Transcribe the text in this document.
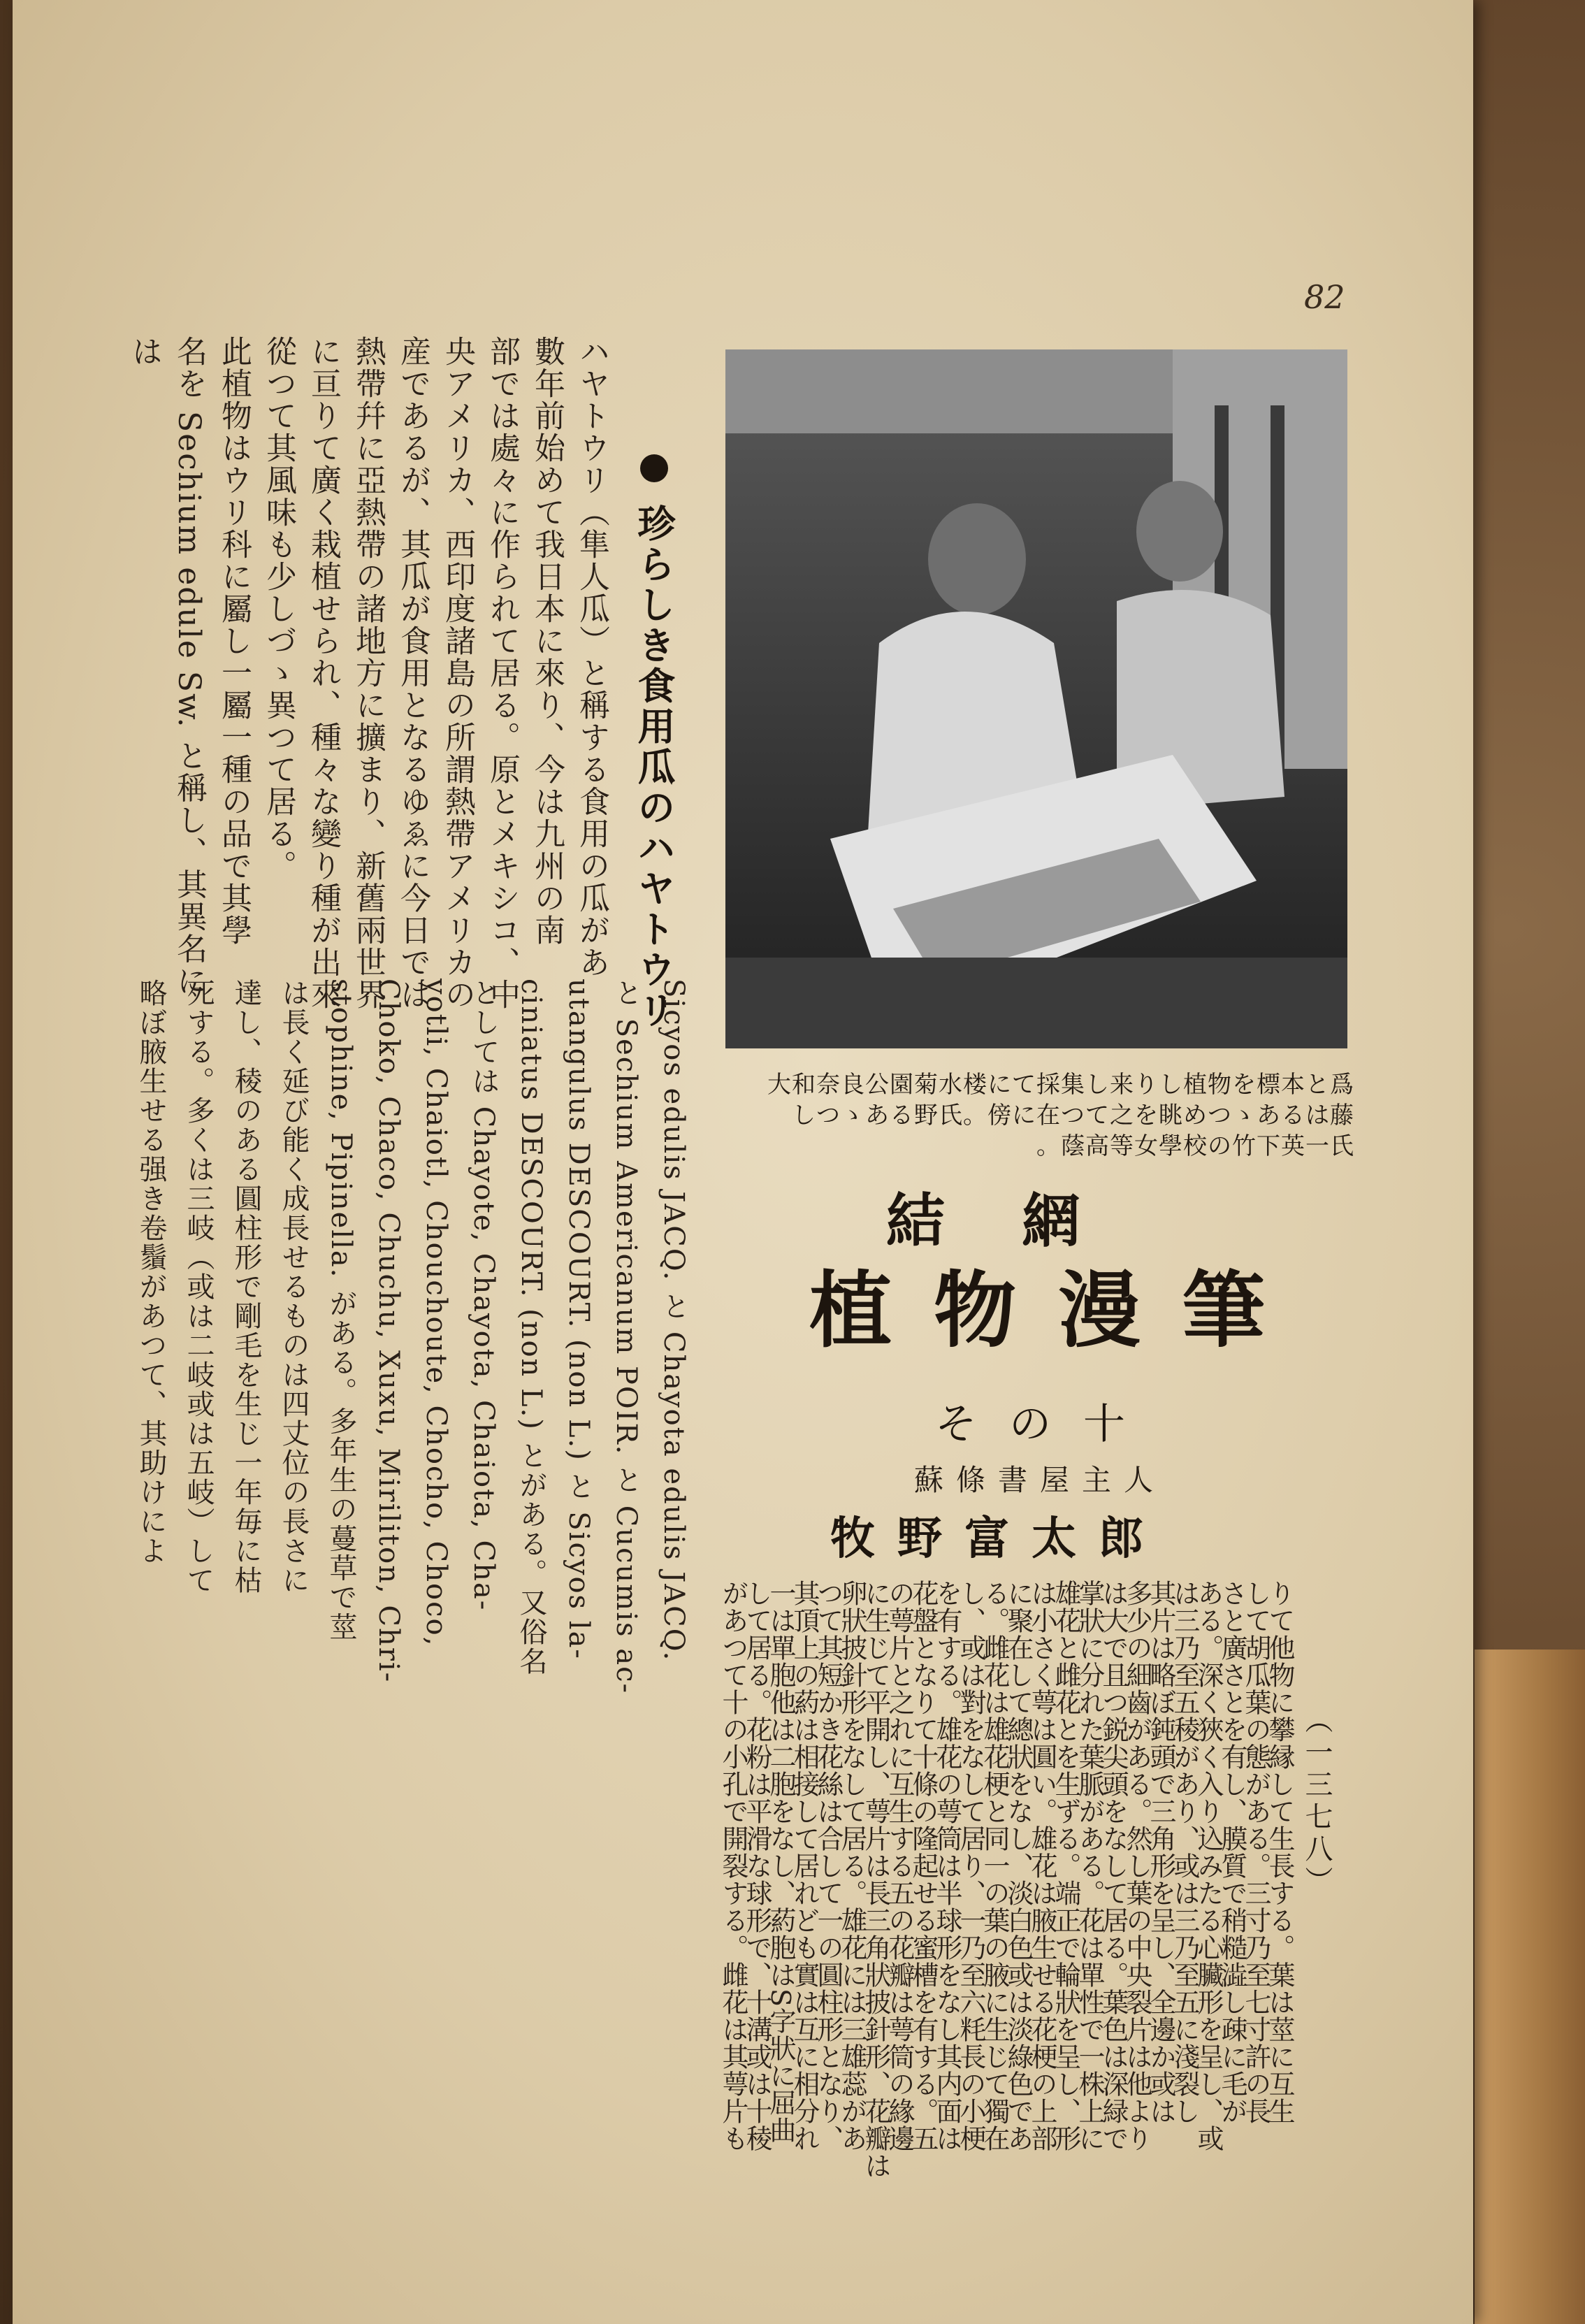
82
大和奈良公園菊水楼にて採集し来りし植物を標本と爲
しつゝある野氏。傍に在つて之を眺めつゝあるは藤
蔭高等女學校の竹下英一氏。
植物漫筆
結網
その十
蘇條書屋主人
牧野富太郎
珍らしき食用瓜のハヤトウリ
（一三七八）
ハヤトウリ（隼人瓜）と稱する食用の瓜があ
數年前始めて我日本に來り、今は九州の南
部では處々に作られて居る。原とメキシコ、中
央アメリカ、西印度諸島の所謂熱帶アメリカの
産であるが、其瓜が食用となるゆゑに今日では
熱帶幷に亞熱帶の諸地方に擴まり、新舊兩世界
に亘りて廣く栽植せられ、種々な變り種が出來
從つて其風味も少しづゝ異つて居る。
此植物はウリ科に屬し一屬一種の品で其學
名を Sechium edule Sw. と稱し、其異名には
Sicyos edulis JACQ. と Chayota edulis JACQ.
と Sechium Americanum POIR. と Cucumis ac-
utangulus DESCOURT. (non L.) と Sicyos la-
ciniatus DESCOURT. (non L.) とがある。又俗名
としては Chayote, Chayota, Chaiota, Cha-
yotli, Chaiotl, Chouchoute, Chocho, Choco,
Choko, Chaco, Chuchu, Xuxu, Miriliton, Chri-
stophine, Pipinella. がある。多年生の蔓草で莖
は長く延び能く成長せるものは四丈位の長さに
達し、稜のある圓柱形で剛毛を生じ一年毎に枯
死する。多くは三岐（或は二岐或は五岐）して
略ぼ腋生せる强き卷鬚があつて、其助けによ
りて他物に攀縁して生長する。葉は莖に互生
して胡瓜葉の態がある。三寸乃至七寸許の長
さと廣さとを有し、膜質で稍糙澁し疎に毛が
ある。深く狹く入り込みたる心臟形を呈し、或
は三乃至五稜があり、或は三乃至五に淺裂し
其片は略ぼ鈍頭で三角形を呈し、全邊か或は
多少の細齒がある。然し葉の中央裂片は他より
は大で且つ鋭尖頭をなして居る。葉色は深緑で
掌狀に分れた葉脈がある。花は單性で一株上に
雄花と雌花とを生ずる。端正で輪狀を呈し、形
は小さく萼は圓い。雄花は腋生せる花梗の上部
に聚在して總狀をなし、淡白色或は淡綠色であ
る。雌花は雄花梗と同一の葉の腋に生じて獨在
し、或は對をなして居り、一乃至六粍長の小梗
を有する。雄花の萼筒は半球形をなし其内面は
花盤となりて十條の隆起せる蜜槽を有する。五
の萼片と之れに互生する五の花瓣は萼筒の緣邊
に生じて平開し、萼片は長三角狀披針形、花瓣は
卵狀披針形をなして居る。雄花には三雄蕊があ
つて其短かき花絲は合して一の圓柱形となり、
其頂上の葯は相接して居れども實は互に相分れ
一は單胞他は二胞をなし、葯胞はS字狀に屈曲
して居る。花粉は平滑な球形で、十溝或は十稜
があつて十の小孔で開裂する。雌花は其萼片も
